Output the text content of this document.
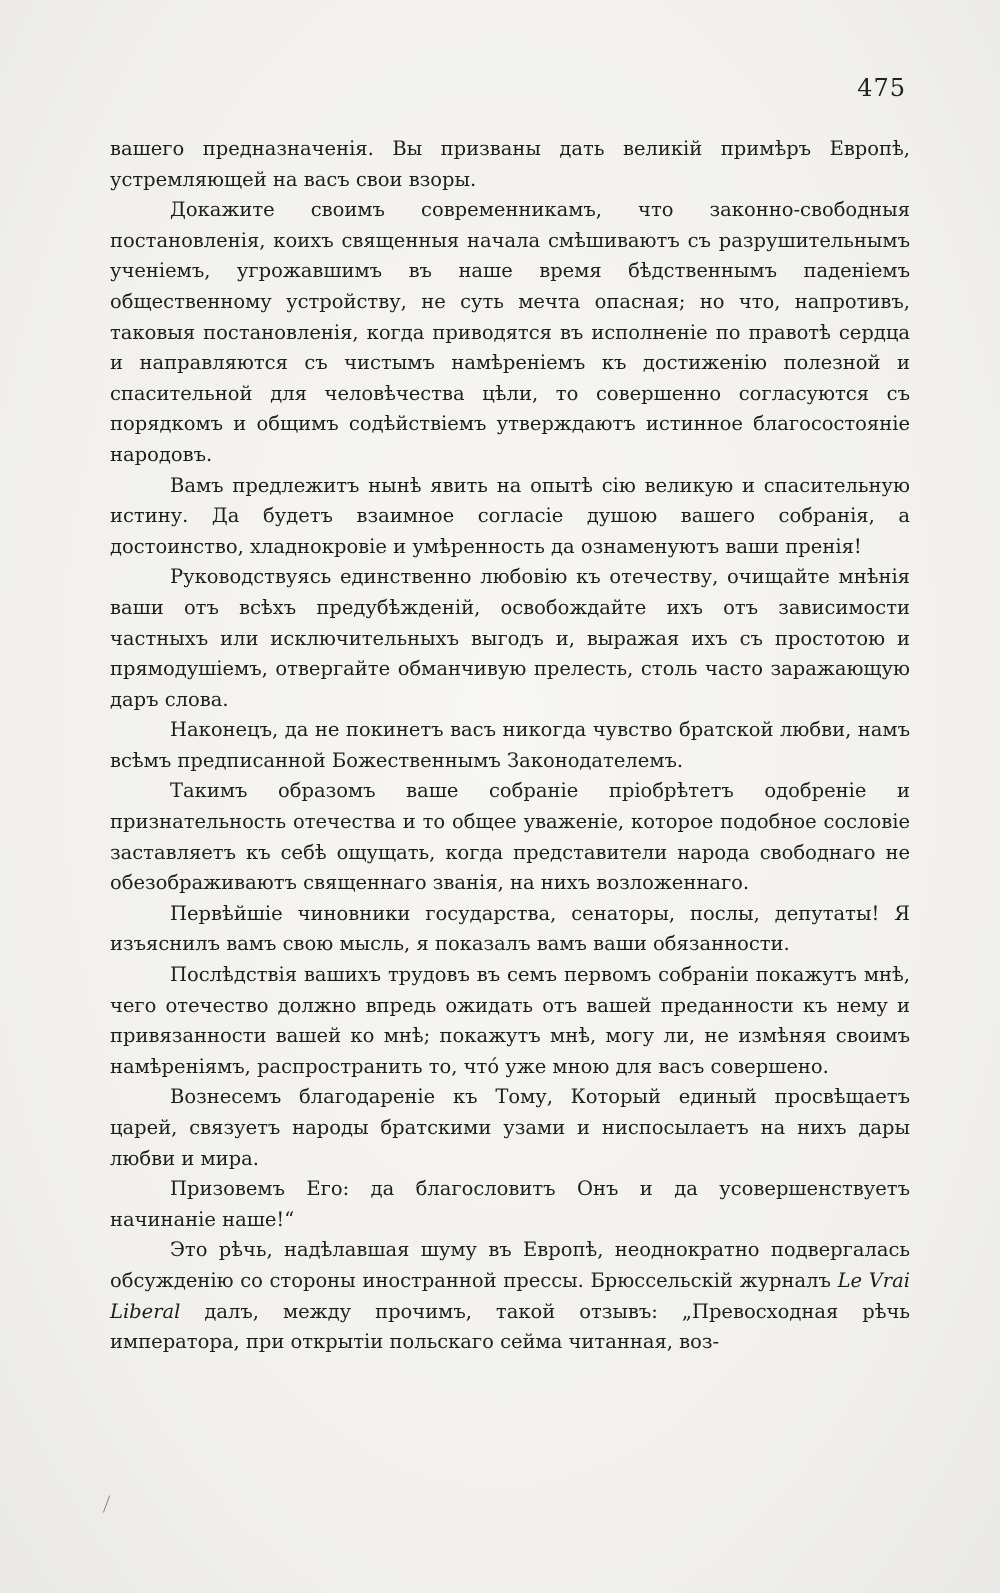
475

вашего предназначенія. Вы призваны дать великій примѣръ Европѣ, устремляющей на васъ свои взоры.

Докажите своимъ современникамъ, что законно-свободныя постановленія, коихъ священныя начала смѣшиваютъ съ разрушительнымъ ученіемъ, угрожавшимъ въ наше время бѣдственнымъ паденіемъ общественному устройству, не суть мечта опасная; но что, напротивъ, таковыя постановленія, когда приводятся въ исполненіе по правотѣ сердца и направляются съ чистымъ намѣреніемъ къ достиженію полезной и спасительной для человѣчества цѣли, то совершенно согласуются съ порядкомъ и общимъ содѣйствіемъ утверждаютъ истинное благосостояніе народовъ.

Вамъ предлежитъ нынѣ явить на опытѣ сію великую и спасительную истину. Да будетъ взаимное согласіе душою вашего собранія, а достоинство, хладнокровіе и умѣренность да ознаменуютъ ваши пренія!

Руководствуясь единственно любовію къ отечеству, очищайте мнѣнія ваши отъ всѣхъ предубѣжденій, освобождайте ихъ отъ зависимости частныхъ или исключительныхъ выгодъ и, выражая ихъ съ простотою и прямодушіемъ, отвергайте обманчивую прелесть, столь часто заражающую даръ слова.

Наконецъ, да не покинетъ васъ никогда чувство братской любви, намъ всѣмъ предписанной Божественнымъ Законодателемъ.

Такимъ образомъ ваше собраніе пріобрѣтетъ одобреніе и признательность отечества и то общее уваженіе, которое подобное сословіе заставляетъ къ себѣ ощущать, когда представители народа свободнаго не обезображиваютъ священнаго званія, на нихъ возложеннаго.

Первѣйшіе чиновники государства, сенаторы, послы, депутаты! Я изъяснилъ вамъ свою мысль, я показалъ вамъ ваши обязанности.

Послѣдствія вашихъ трудовъ въ семъ первомъ собраніи покажутъ мнѣ, чего отечество должно впредь ожидать отъ вашей преданности къ нему и привязанности вашей ко мнѣ; покажутъ мнѣ, могу ли, не измѣняя своимъ намѣреніямъ, распространить то, чтó уже мною для васъ совершено.

Вознесемъ благодареніе къ Тому, Который единый просвѣщаетъ царей, связуетъ народы братскими узами и ниспосылаетъ на нихъ дары любви и мира.

Призовемъ Его: да благословитъ Онъ и да усовершенствуетъ начинаніе наше!“

Это рѣчь, надѣлавшая шуму въ Европѣ, неоднократно подвергалась обсужденію со стороны иностранной прессы. Брюссельскій журналъ Le Vrai Liberal далъ, между прочимъ, такой отзывъ: „Превосходная рѣчь императора, при открытіи польскаго сейма читанная, воз-
